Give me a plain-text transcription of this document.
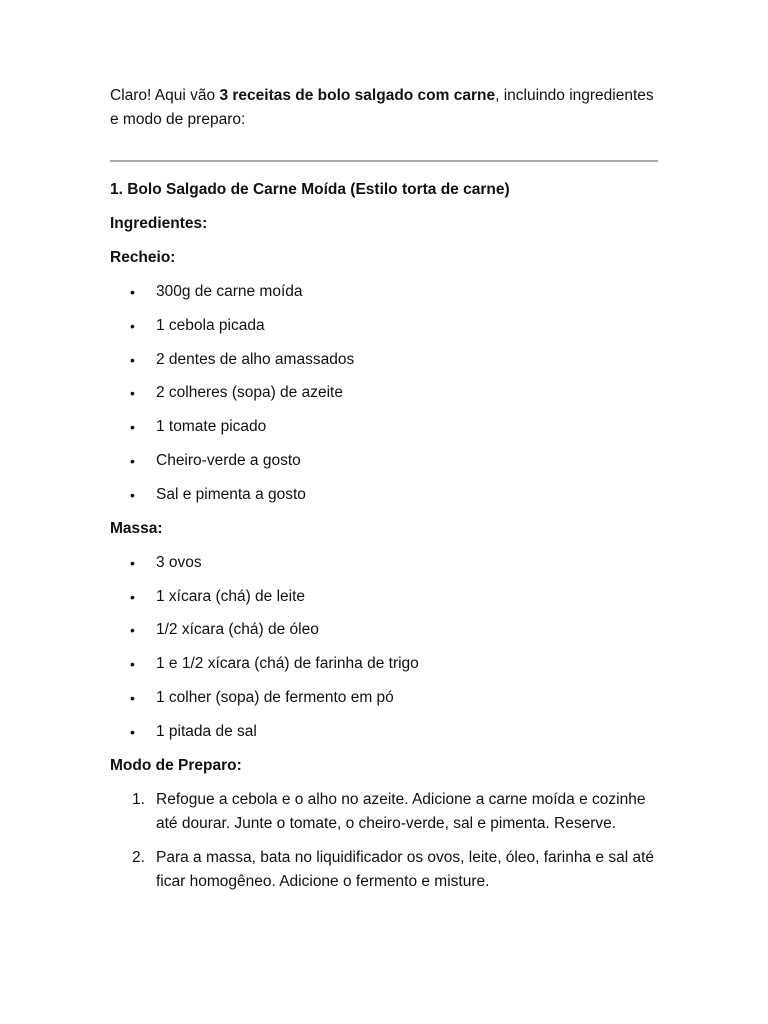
Claro! Aqui vão 3 receitas de bolo salgado com carne, incluindo ingredientes e modo de preparo:

1. Bolo Salgado de Carne Moída (Estilo torta de carne)

Ingredientes:

Recheio:

• 300g de carne moída
• 1 cebola picada
• 2 dentes de alho amassados
• 2 colheres (sopa) de azeite
• 1 tomate picado
• Cheiro-verde a gosto
• Sal e pimenta a gosto

Massa:

• 3 ovos
• 1 xícara (chá) de leite
• 1/2 xícara (chá) de óleo
• 1 e 1/2 xícara (chá) de farinha de trigo
• 1 colher (sopa) de fermento em pó
• 1 pitada de sal

Modo de Preparo:

1. Refogue a cebola e o alho no azeite. Adicione a carne moída e cozinhe até dourar. Junte o tomate, o cheiro-verde, sal e pimenta. Reserve.
2. Para a massa, bata no liquidificador os ovos, leite, óleo, farinha e sal até ficar homogêneo. Adicione o fermento e misture.
